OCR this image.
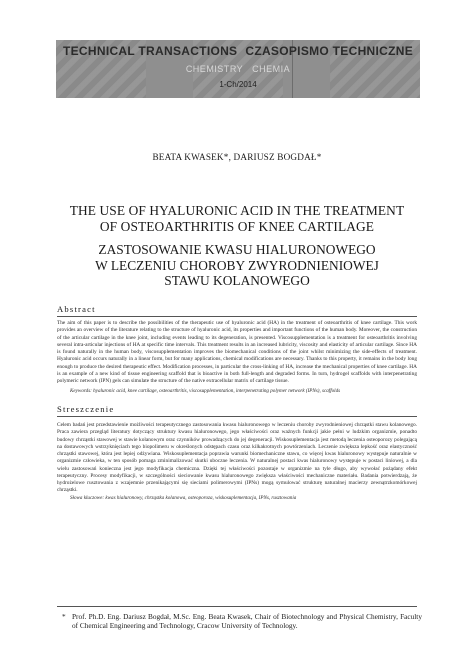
TECHNICAL TRANSACTIONS CZASOPISMO TECHNICZNE
CHEMISTRY CHEMIA
1-Ch/2014
BEATA KWASEK*, DARIUSZ BOGDAŁ*
THE USE OF HYALURONIC ACID IN THE TREATMENT
OF OSTEOARTHRITIS OF KNEE CARTILAGE
ZASTOSOWANIE KWASU HIALURONOWEGO
W LECZENIU CHOROBY ZWYRODNIENIOWEJ
STAWU KOLANOWEGO
Abstract
The aim of this paper is to describe the possibilities of the therapeutic use of hyaluronic acid (HA) in the treatment of osteoarthritis of knee cartilage. This work provides an overview of the literature relating to the structure of hyaluronic acid, its properties and important functions of the human body. Moreover, the construction of the articular cartilage in the knee joint, including events leading to its degeneration, is presented. Viscosupplementation is a treatment for osteoarthritis involving several intra-articular injections of HA at specific time intervals. This treatment results in an increased lubricity, viscosity and elasticity of articular cartilage. Since HA is found naturally in the human body, viscosupplementation improves the biomechanical conditions of the joint whilst minimizing the side-effects of treatment. Hyaluronic acid occurs naturally in a linear form, but for many applications, chemical modifications are necessary. Thanks to this property, it remains in the body long enough to produce the desired therapeutic effect. Modification processes, in particular the cross-linking of HA, increase the mechanical properties of knee cartilage. HA is an example of a new kind of tissue engineering scaffold that is bioactive in both full-length and degraded forms. In turn, hydrogel scaffolds with interpenetrating polymeric network (IPN) gels can simulate the structure of the native extracellular matrix of cartilage tissue.
Keywords: hyaluronic acid, knee cartilage, osteoarthritis, viscosupplementation, interpenetrating polymer network (IPNs), scaffolds
Streszczenie
Celem badań jest przedstawienie możliwości terapeutycznego zastosowania kwasu hialuronowego w leczeniu choroby zwyrodnieniowej chrząstki stawu kolanowego. Praca zawiera przegląd literatury dotyczący struktury kwasu hialuronowego, jego właściwości oraz ważnych funkcji jakie pełni w ludzkim organizmie, ponadto budowy chrząstki stawowej w stawie kolanowym oraz czynników prowadzących do jej degeneracji. Wiskosuplementacja jest metodą leczenia osteoporozy polegającą na dostawowych wstrzyknięciach tego biopolimeru w określonych odstępach czasu oraz kilkakrotnych powtórzeniach. Leczenie zwiększa lepkość oraz elastyczność chrząstki stawowej, która jest lepiej odżywiana. Wiskosuplementacja poprawia warunki biomechaniczne stawu, co więcej kwas hialuronowy występuje naturalnie w organizmie człowieka, w ten sposób pomaga zminimalizować skutki uboczne leczenia. W naturalnej postaci kwas hialuronowy występuje w postaci liniowej, a dla wielu zastosowań konieczna jest jego modyfikacja chemiczna. Dzięki tej właściwości pozostaje w organizmie na tyle długo, aby wywołać pożądany efekt terapeutyczny. Procesy modyfikacji, w szczególności sieciowanie kwasu hialuronowego zwiększa właściwości mechaniczne materiału. Badania potwierdzają, że hydrożelowe rusztowania z wzajemnie przenikającymi się sieciami polimerowymi (IPNs) mogą symulować strukturę naturalnej macierzy zewnątrzkomórkowej chrząstki.
Słowa kluczowe: kwas hialuronowy, chrząstka kolanowa, osteoporoza, wiskosuplementacja, IPNs, rusztowania
* Prof. Ph.D. Eng. Dariusz Bogdał, M.Sc. Eng. Beata Kwasek, Chair of Biotechnology and Physical Chemistry, Faculty of Chemical Engineering and Technology, Cracow University of Technology.
